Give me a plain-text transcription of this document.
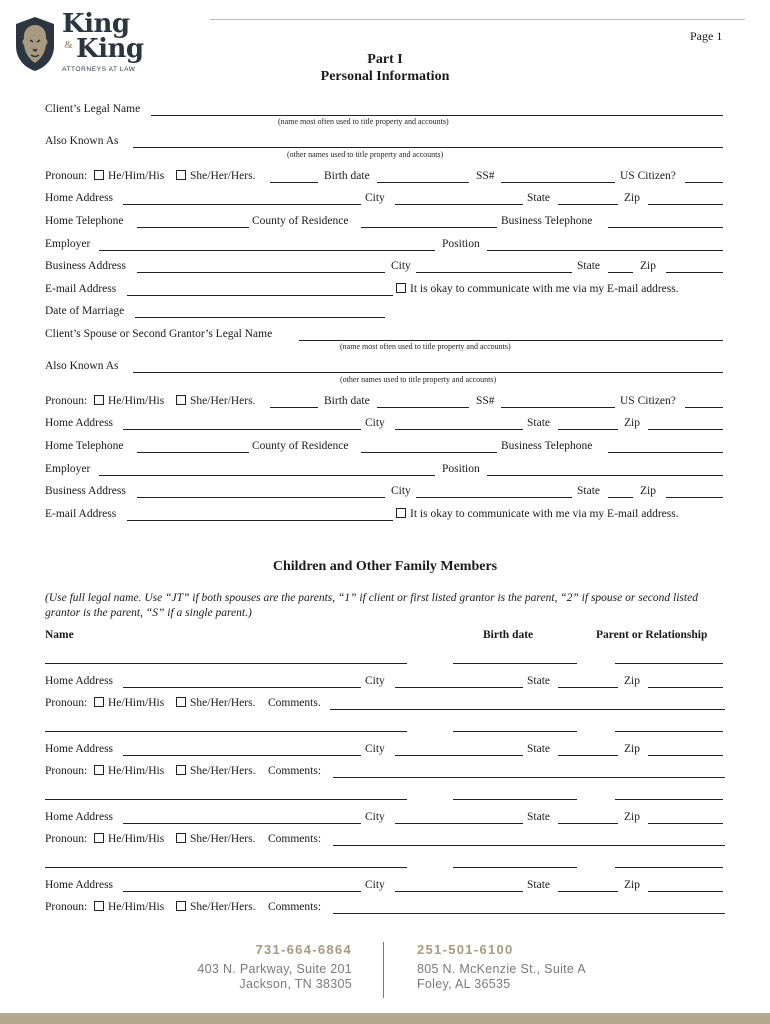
King
& King
ATTORNEYS AT LAW
Page 1
Part I
Personal Information
Client’s Legal Name
(name most often used to title property and accounts)
Also Known As
(other names used to title property and accounts)
Pronoun:	He/Him/His	She/Her/Hers.	Birth date	SS#	US Citizen?
Home Address	City	State	Zip
Home Telephone	County of Residence	Business Telephone
Employer	Position
Business Address	City	State	Zip
E-mail Address	It is okay to communicate with me via my E-mail address.
Date of Marriage
Client’s Spouse or Second Grantor’s Legal Name
(name most often used to title property and accounts)
Also Known As
(other names used to title property and accounts)
Pronoun:	He/Him/His	She/Her/Hers.	Birth date	SS#	US Citizen?
Home Address	City	State	Zip
Home Telephone	County of Residence	Business Telephone
Employer	Position
Business Address	City	State	Zip
E-mail Address	It is okay to communicate with me via my E-mail address.
Children and Other Family Members
(Use full legal name. Use “JT” if both spouses are the parents, “1” if client or first listed grantor is the parent, “2” if spouse or second listed grantor is the parent, “S” if a single parent.)
Name	Birth date	Parent or Relationship
Home Address	City	State	Zip
Pronoun:	He/Him/His	She/Her/Hers. Comments.
Home Address	City	State	Zip
Pronoun:	He/Him/His	She/Her/Hers. Comments:
Home Address	City	State	Zip
Pronoun:	He/Him/His	She/Her/Hers. Comments:
Home Address	City	State	Zip
Pronoun:	He/Him/His	She/Her/Hers. Comments:
731-664-6864
403 N. Parkway, Suite 201
Jackson, TN 38305
251-501-6100
805 N. McKenzie St., Suite A
Foley, AL 36535
